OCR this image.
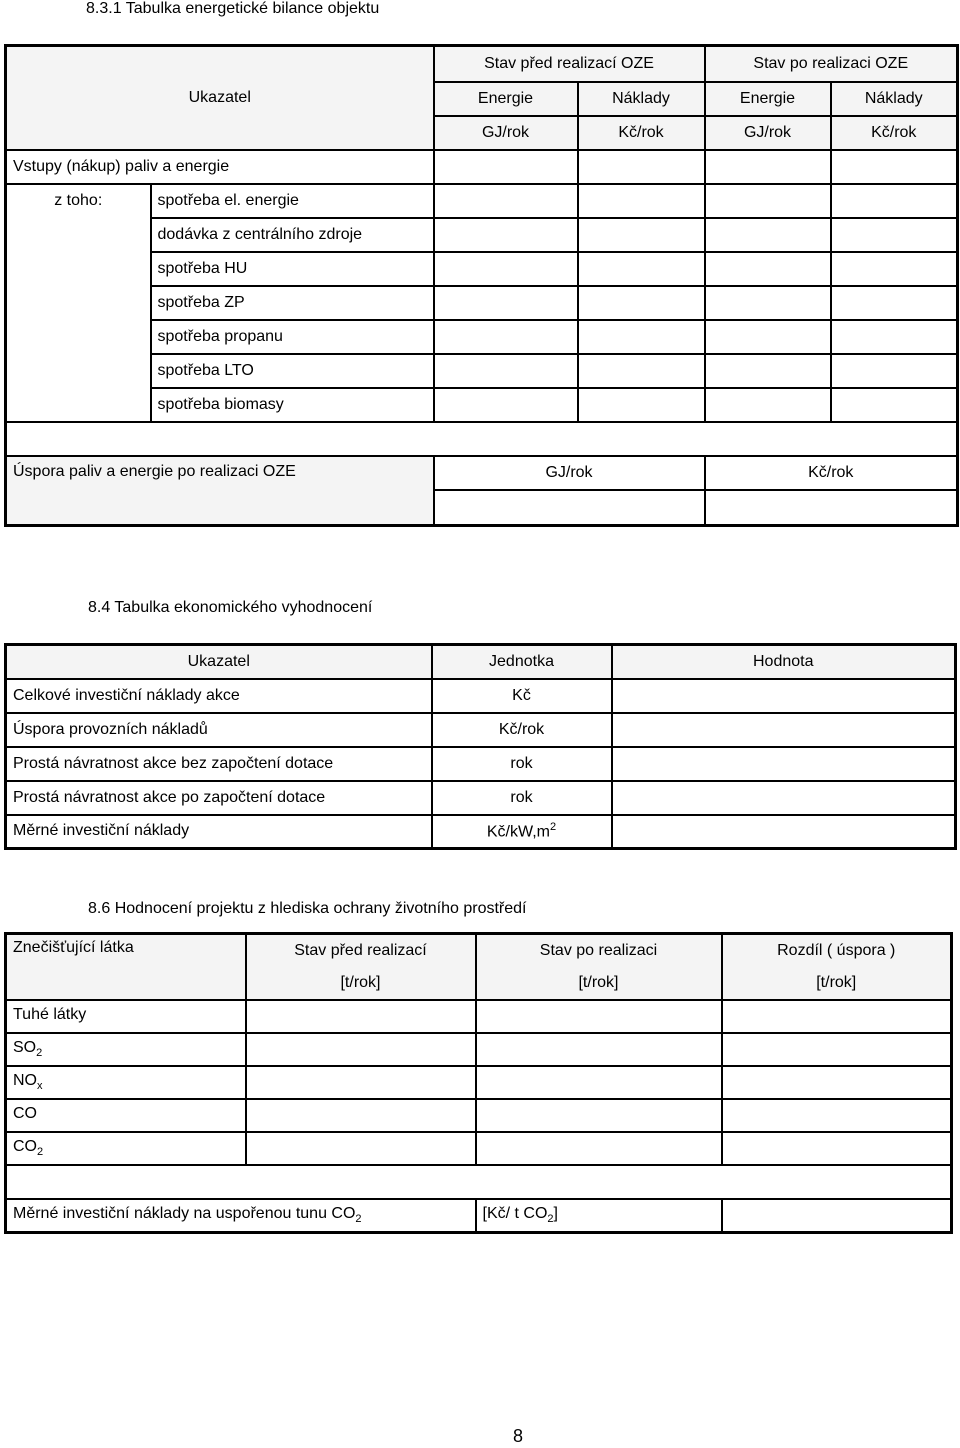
8.3.1 Tabulka energetické bilance objektu
Ukazatel		Stav před realizací OZE		Stav po realizaci OZE	
		Energie	Náklady	Energie	Náklady
		GJ/rok	Kč/rok	GJ/rok	Kč/rok
Vstupy (nákup) paliv a energie					
z toho:	spotřeba el. energie				
	dodávka z centrálního zdroje				
	spotřeba HU				
	spotřeba ZP				
	spotřeba propanu				
	spotřeba LTO				
	spotřeba biomasy				

Úspora paliv a energie po realizaci OZE		GJ/rok		Kč/rok	

8.4 Tabulka ekonomického vyhodnocení
Ukazatel	Jednotka	Hodnota
Celkové investiční náklady akce	Kč	
Úspora provozních nákladů	Kč/rok	
Prostá návratnost akce bez započtení dotace	rok	
Prostá návratnost akce po započtení dotace	rok	
Měrné investiční náklady	$Kč/kW,m^2$	
8.6 Hodnocení projektu z hlediska ochrany životního prostředí
Znečišťující látka	Stav před realizací	Stav po realizaci	Rozdíl ( úspora )
	[t/rok]	[t/rok]	[t/rok]
Tuhé látky			
$SO_2$			
$NO_x$			
CO			
$CO_2$			

Měrné investiční náklady na uspořenou tunu $CO_2$		[Kč/ t $CO_2$]	
8
